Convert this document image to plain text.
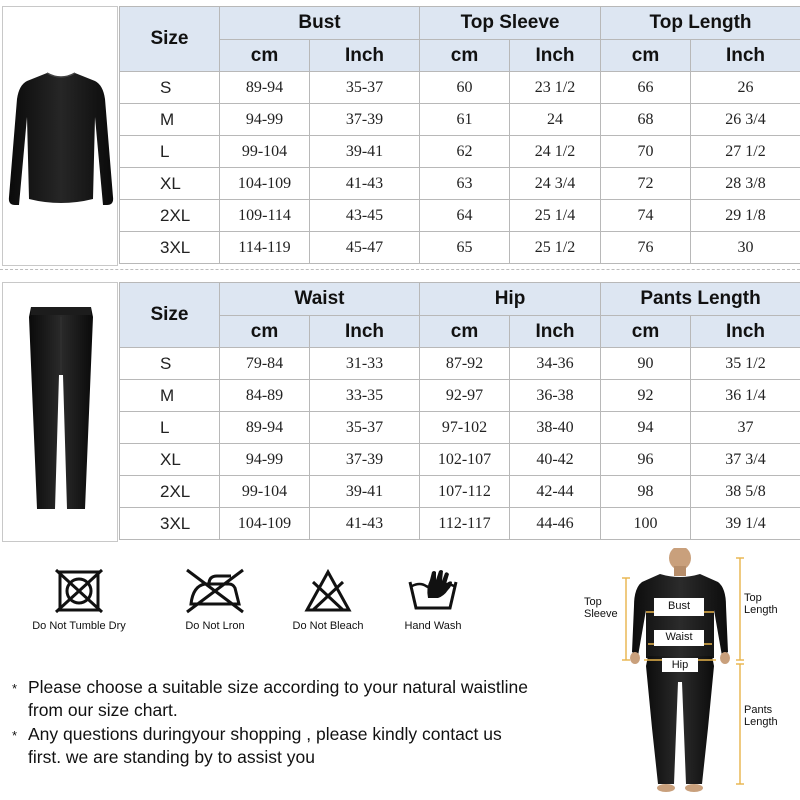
Size	Bust		Top Sleeve		Top Length	
	cm	Inch	cm	Inch	cm	Inch
S	89-94	35-37	60	23 1/2	66	26
M	94-99	37-39	61	24	68	26 3/4
L	99-104	39-41	62	24 1/2	70	27 1/2
XL	104-109	41-43	63	24 3/4	72	28 3/8
2XL	109-114	43-45	64	25 1/4	74	29 1/8
3XL	114-119	45-47	65	25 1/2	76	30
Size	Waist		Hip		Pants Length	
	cm	Inch	cm	Inch	cm	Inch
S	79-84	31-33	87-92	34-36	90	35 1/2
M	84-89	33-35	92-97	36-38	92	36 1/4
L	89-94	35-37	97-102	38-40	94	37
XL	94-99	37-39	102-107	40-42	96	37 3/4
2XL	99-104	39-41	107-112	42-44	98	38 5/8
3XL	104-109	41-43	112-117	44-46	100	39 1/4
Do Not Tumble Dry	Do Not Lron	Do Not Bleach	Hand Wash
* Please choose a suitable size according to your natural waistline from our size chart.
* Any questions duringyour shopping , please kindly contact us first. we are standing by to assist you
Top
Sleeve
Top
Length
Bust
Waist
Hip
Pants
Length
